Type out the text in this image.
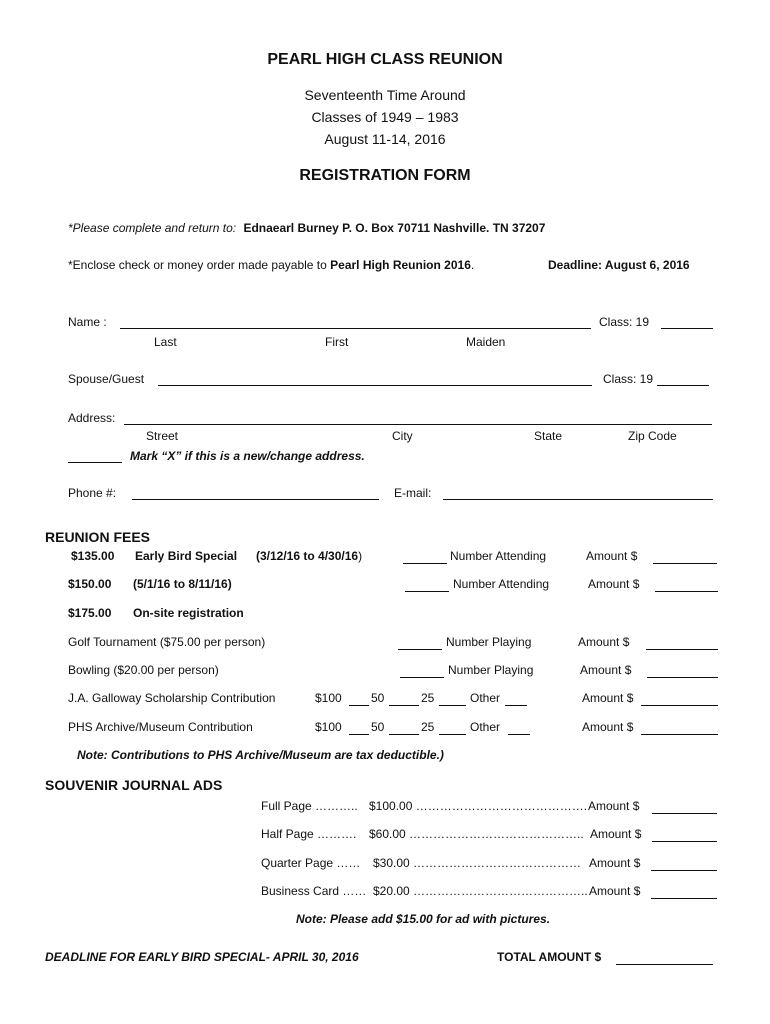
PEARL HIGH CLASS REUNION
Seventeenth Time Around
Classes of 1949 – 1983
August 11-14, 2016
REGISTRATION FORM
*Please complete and return to: Ednaearl Burney P. O. Box 70711 Nashville. TN 37207
*Enclose check or money order made payable to Pearl High Reunion 2016.	Deadline: August 6, 2016
Name :	Class: 19
Last	First	Maiden
Spouse/Guest	Class: 19
Address:
Street	City	State	Zip Code
Mark “X” if this is a new/change address.
Phone #:	E-mail:
REUNION FEES
$135.00 Early Bird Special (3/12/16 to 4/30/16)	Number Attending	Amount $
$150.00 (5/1/16 to 8/11/16)	Number Attending	Amount $
$175.00 On-site registration
Golf Tournament ($75.00 per person)	Number Playing	Amount $
Bowling ($20.00 per person)	Number Playing	Amount $
J.A. Galloway Scholarship Contribution	$100 50	25	Other	Amount $
PHS Archive/Museum Contribution	$100 50	25	Other	Amount $
Note: Contributions to PHS Archive/Museum are tax deductible.)
SOUVENIR JOURNAL ADS
Full Page ……….. $100.00 ……………………………………. Amount $
Half Page ………. $60.00 …………………………………….. Amount $
Quarter Page …… $30.00 …………………………………… Amount $
Business Card …… $20.00 …………………………………….. Amount $
Note: Please add $15.00 for ad with pictures.
DEADLINE FOR EARLY BIRD SPECIAL- APRIL 30, 2016	TOTAL AMOUNT $
